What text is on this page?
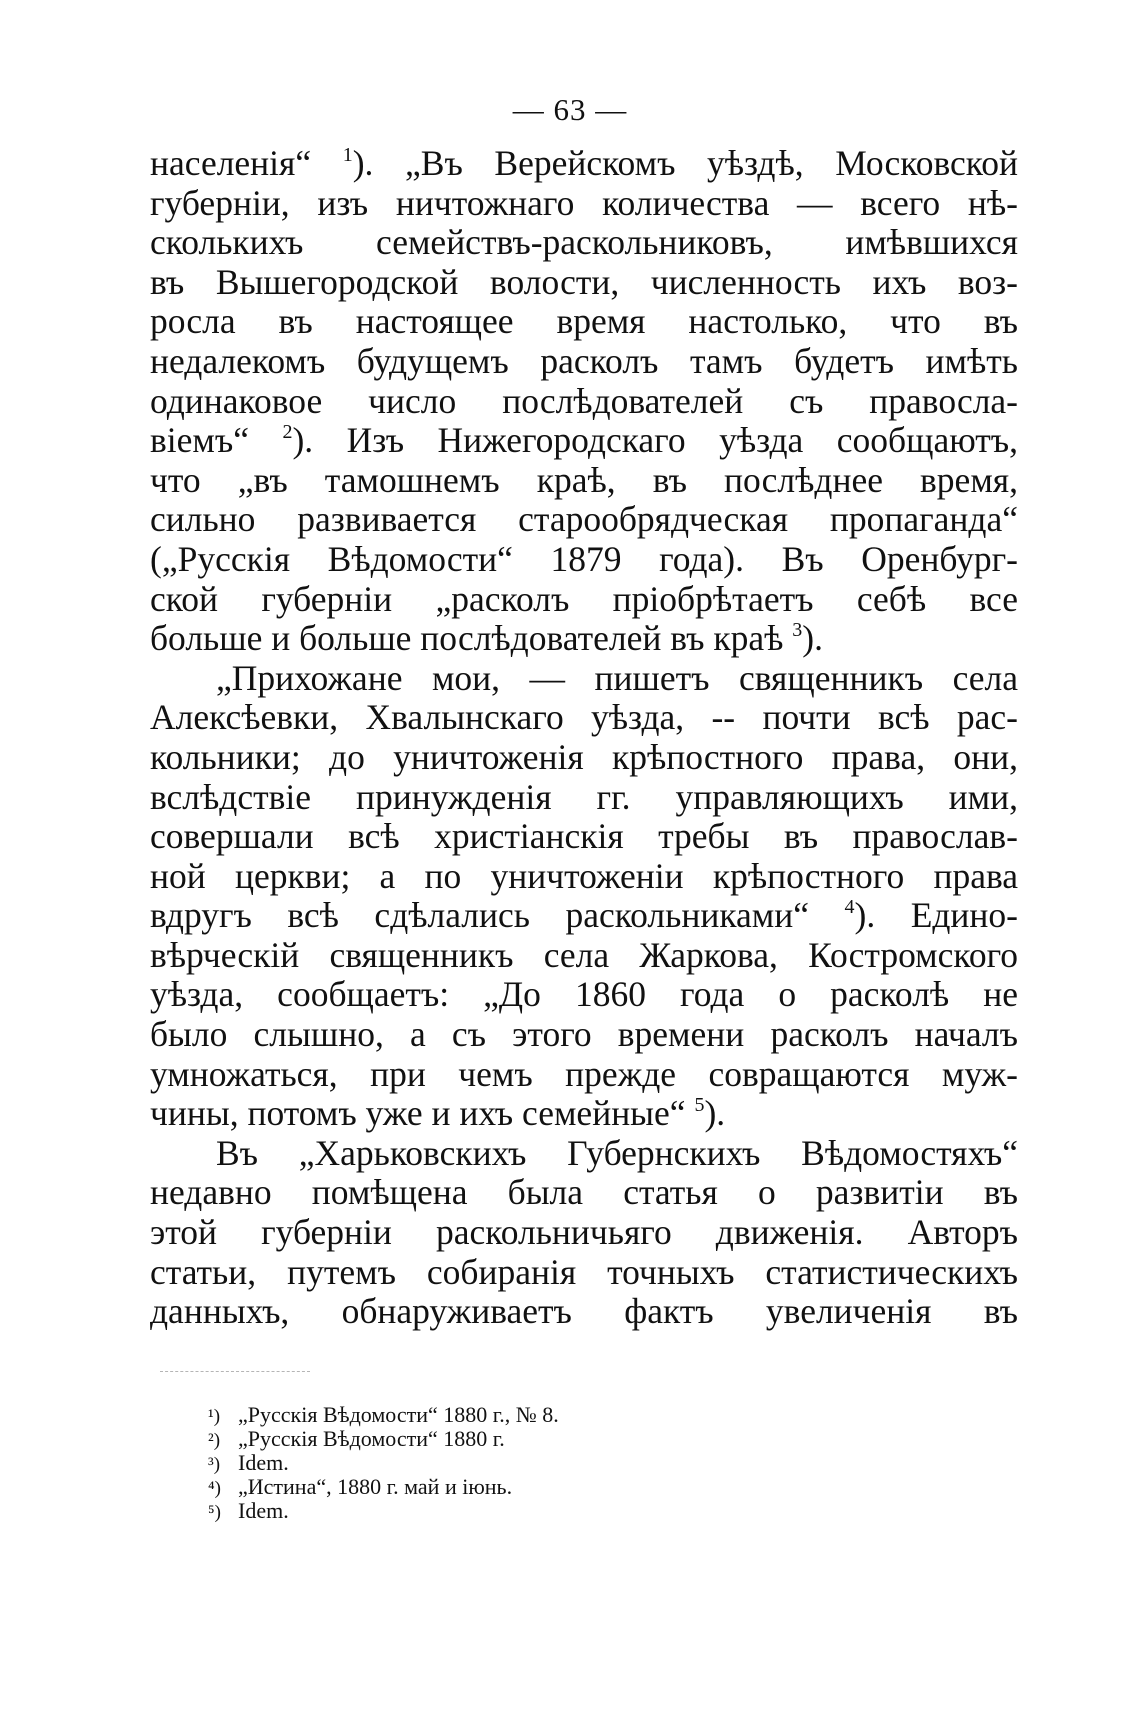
— 63 —
населенія“ $^1$). „Въ Верейскомъ уѣздѣ, Московской
губерніи, изъ ничтожнаго количества — всего нѣ-
сколькихъ семействъ-раскольниковъ, имѣвшихся
въ Вышегородской волости, численность ихъ воз-
росла въ настоящее время настолько, что въ
недалекомъ будущемъ расколъ тамъ будетъ имѣть
одинаковое число послѣдователей съ правосла-
віемъ“ $^2$). Изъ Нижегородскаго уѣзда сообщаютъ,
что „въ тамошнемъ краѣ, въ послѣднее время,
сильно развивается старообрядческая пропаганда“
(„Русскія Вѣдомости“ 1879 года). Въ Оренбург-
ской губерніи „расколъ пріобрѣтаетъ себѣ все
больше и больше послѣдователей въ краѣ $^3$).
„Прихожане мои, — пишетъ священникъ села
Алексѣевки, Хвалынскаго уѣзда, -- почти всѣ рас-
кольники; до уничтоженія крѣпостного права, они,
вслѣдствіе принужденія гг. управляющихъ ими,
совершали всѣ христіанскія требы въ православ-
ной церкви; а по уничтоженіи крѣпостного права
вдругъ всѣ сдѣлались раскольниками“ $^4$). Едино-
вѣрческій священникъ села Жаркова, Костромского
уѣзда, сообщаетъ: „До 1860 года о расколѣ не
было слышно, а съ этого времени расколъ началъ
умножаться, при чемъ прежде совращаются муж-
чины, потомъ уже и ихъ семейные“ $^5$).
Въ „Харьковскихъ Губернскихъ Вѣдомостяхъ“
недавно помѣщена была статья о развитіи въ
этой губерніи раскольничьяго движенія. Авторъ
статьи, путемъ собиранія точныхъ статистическихъ
данныхъ, обнаруживаетъ фактъ увеличенія въ
¹) „Русскія Вѣдомости“ 1880 г., № 8.
²) „Русскія Вѣдомости“ 1880 г.
³) Idem.
⁴) „Истина“, 1880 г. май и іюнь.
⁵) Idem.
